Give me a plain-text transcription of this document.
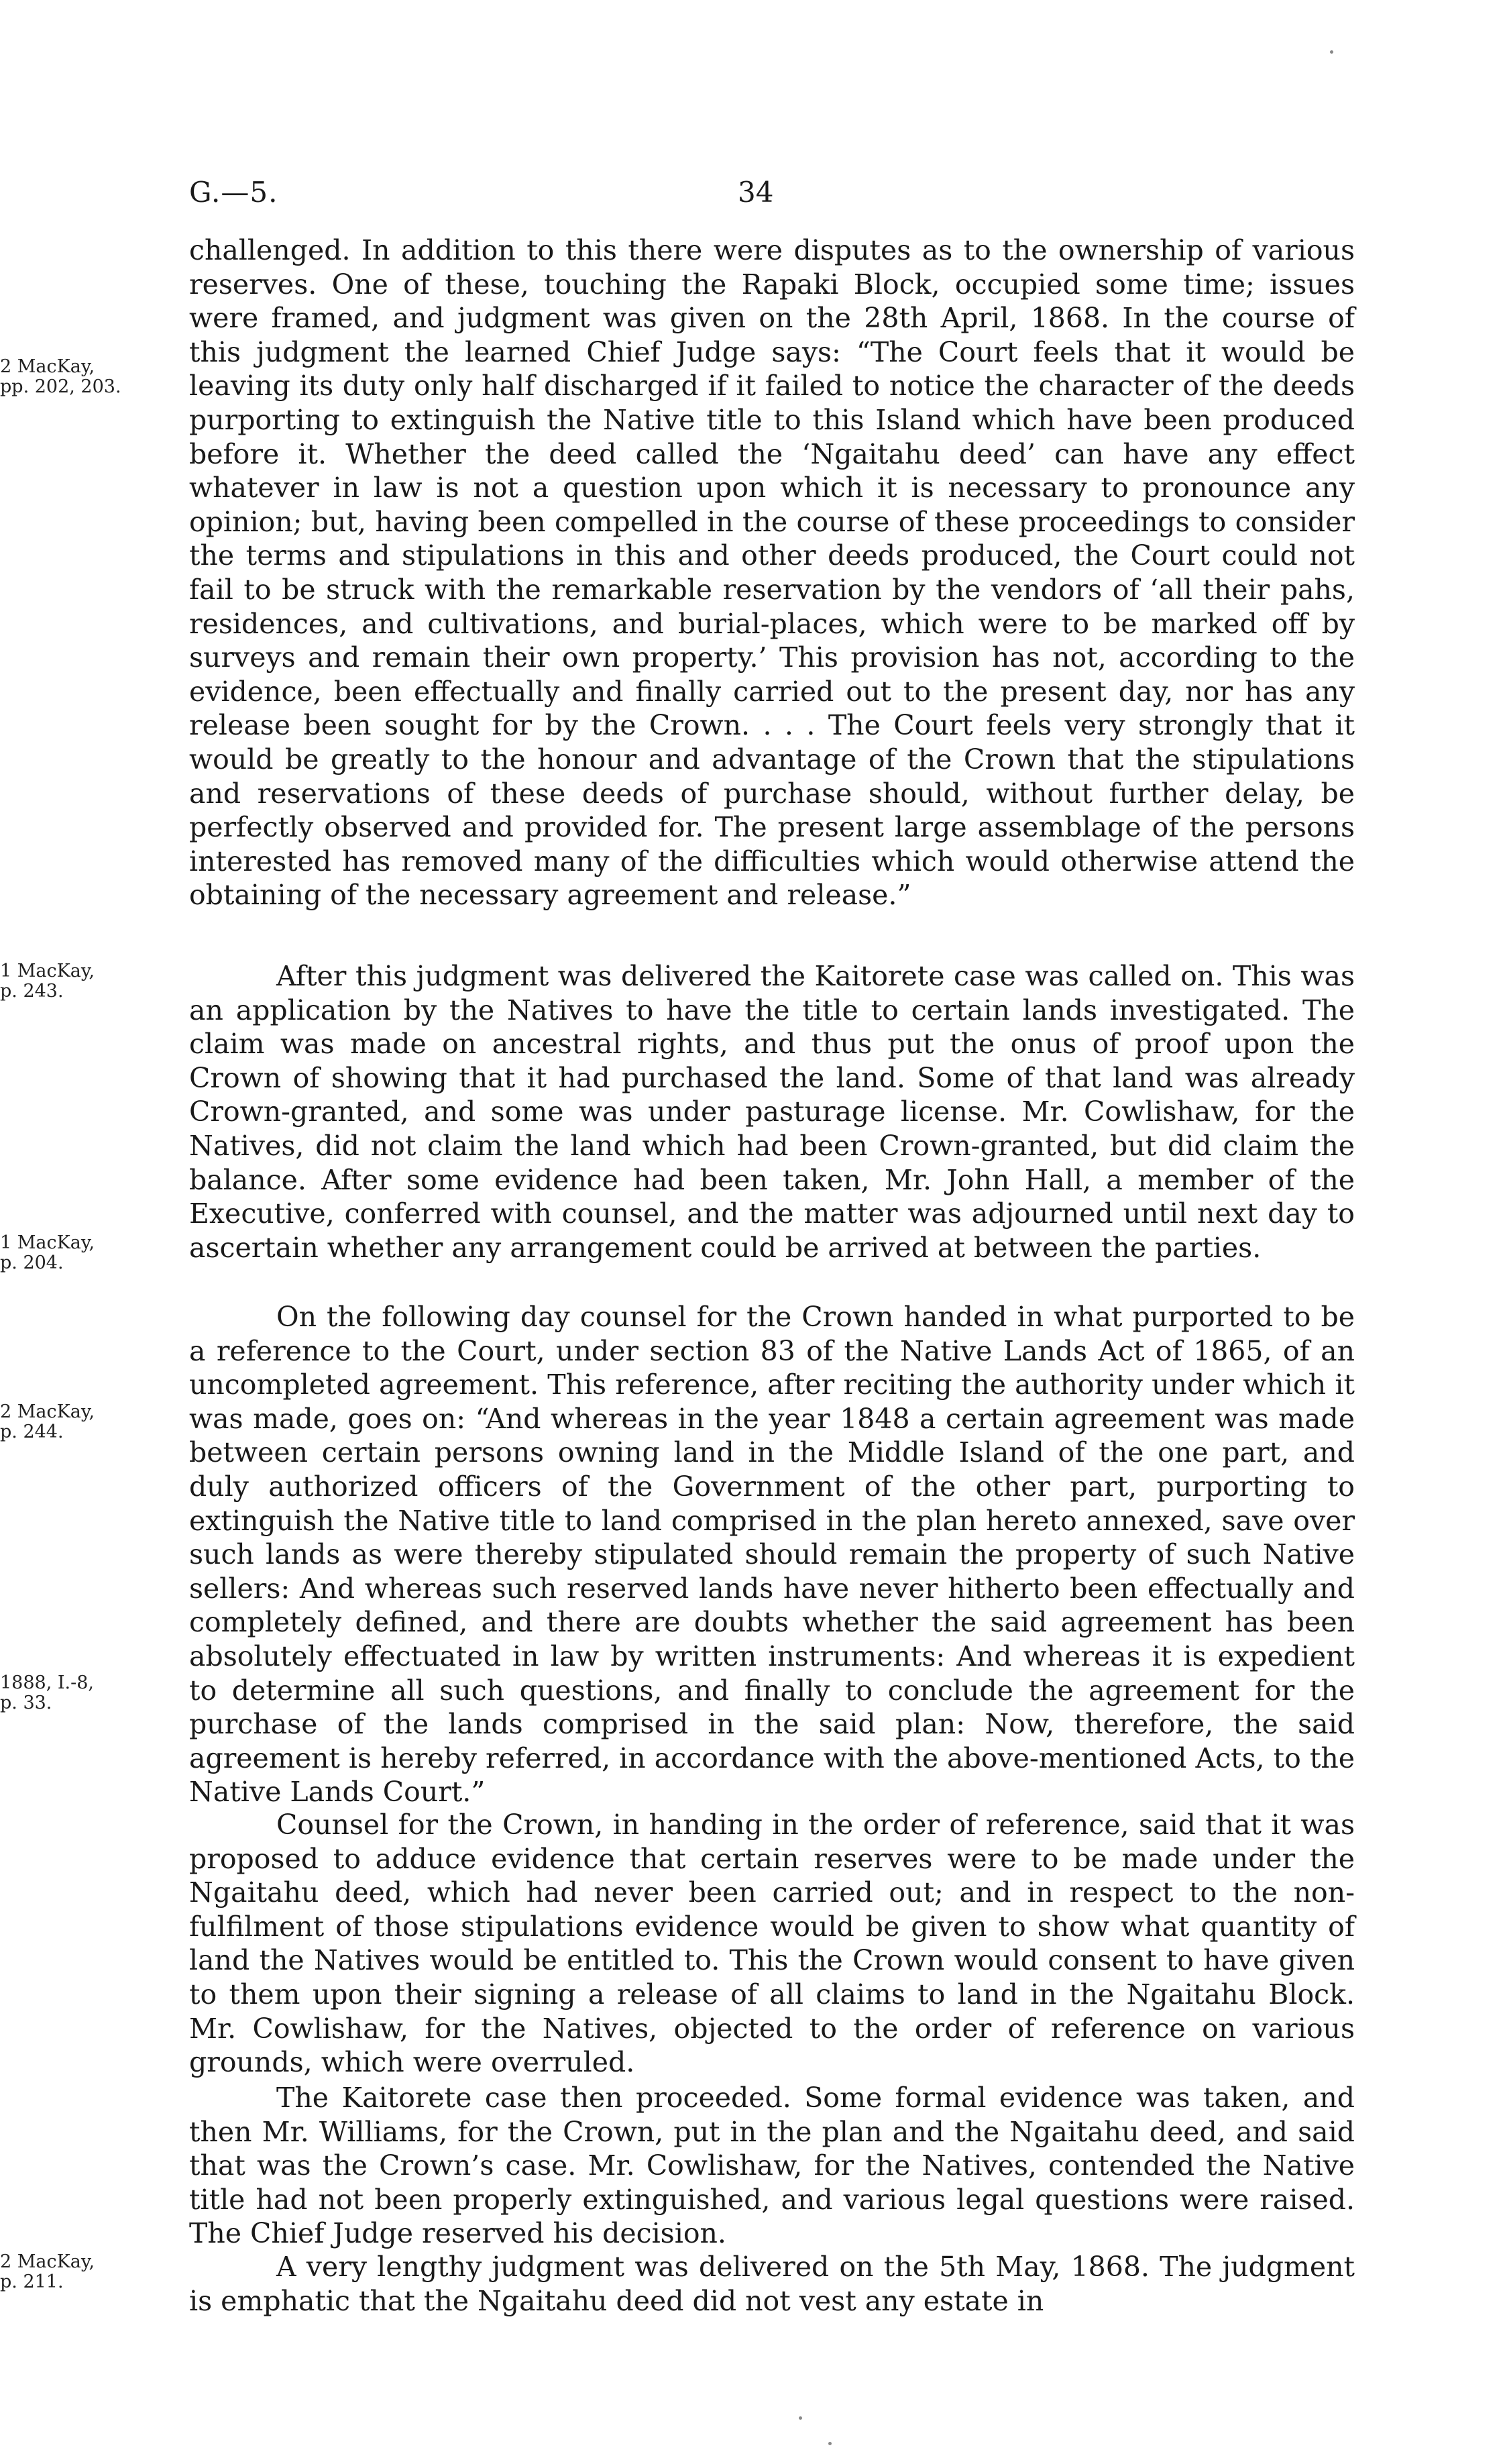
G.—5.	34
2 MacKay,
pp. 202, 203.
1 MacKay,
p. 243.
1 MacKay,
p. 204.
2 MacKay,
p. 244.
1888, I.-8,
p. 33.
2 MacKay,
p. 211.

challenged. In addition to this there were disputes as to the ownership of various reserves. One of these, touching the Rapaki Block, occupied some time; issues were framed, and judgment was given on the 28th April, 1868. In the course of this judgment the learned Chief Judge says: “The Court feels that it would be leaving its duty only half discharged if it failed to notice the character of the deeds purporting to extinguish the Native title to this Island which have been produced before it. Whether the deed called the ‘Ngaitahu deed’ can have any effect whatever in law is not a question upon which it is necessary to pronounce any opinion; but, having been compelled in the course of these proceedings to consider the terms and stipulations in this and other deeds produced, the Court could not fail to be struck with the remarkable reservation by the vendors of ‘all their pahs, residences, and cultivations, and burial-places, which were to be marked off by surveys and remain their own property.’ This provision has not, according to the evidence, been effectually and finally carried out to the present day, nor has any release been sought for by the Crown. . . . The Court feels very strongly that it would be greatly to the honour and advantage of the Crown that the stipulations and reservations of these deeds of purchase should, without further delay, be perfectly observed and provided for. The present large assemblage of the persons interested has removed many of the difficulties which would otherwise attend the obtaining of the necessary agreement and release.”

After this judgment was delivered the Kaitorete case was called on. This was an application by the Natives to have the title to certain lands investigated. The claim was made on ancestral rights, and thus put the onus of proof upon the Crown of showing that it had purchased the land. Some of that land was already Crown-granted, and some was under pasturage license. Mr. Cowlishaw, for the Natives, did not claim the land which had been Crown-granted, but did claim the balance. After some evidence had been taken, Mr. John Hall, a member of the Executive, conferred with counsel, and the matter was adjourned until next day to ascertain whether any arrangement could be arrived at between the parties.

On the following day counsel for the Crown handed in what purported to be a reference to the Court, under section 83 of the Native Lands Act of 1865, of an uncompleted agreement. This reference, after reciting the authority under which it was made, goes on: “And whereas in the year 1848 a certain agreement was made between certain persons owning land in the Middle Island of the one part, and duly authorized officers of the Government of the other part, purporting to extinguish the Native title to land comprised in the plan hereto annexed, save over such lands as were thereby stipulated should remain the property of such Native sellers: And whereas such reserved lands have never hitherto been effectually and completely defined, and there are doubts whether the said agreement has been absolutely effectuated in law by written instruments: And whereas it is expedient to determine all such questions, and finally to conclude the agreement for the purchase of the lands comprised in the said plan: Now, therefore, the said agreement is hereby referred, in accordance with the above-mentioned Acts, to the Native Lands Court.”

Counsel for the Crown, in handing in the order of reference, said that it was proposed to adduce evidence that certain reserves were to be made under the Ngaitahu deed, which had never been carried out; and in respect to the non-fulfilment of those stipulations evidence would be given to show what quantity of land the Natives would be entitled to. This the Crown would consent to have given to them upon their signing a release of all claims to land in the Ngaitahu Block. Mr. Cowlishaw, for the Natives, objected to the order of reference on various grounds, which were overruled.

The Kaitorete case then proceeded. Some formal evidence was taken, and then Mr. Williams, for the Crown, put in the plan and the Ngaitahu deed, and said that was the Crown’s case. Mr. Cowlishaw, for the Natives, contended the Native title had not been properly extinguished, and various legal questions were raised. The Chief Judge reserved his decision.

A very lengthy judgment was delivered on the 5th May, 1868. The judgment is emphatic that the Ngaitahu deed did not vest any estate in
